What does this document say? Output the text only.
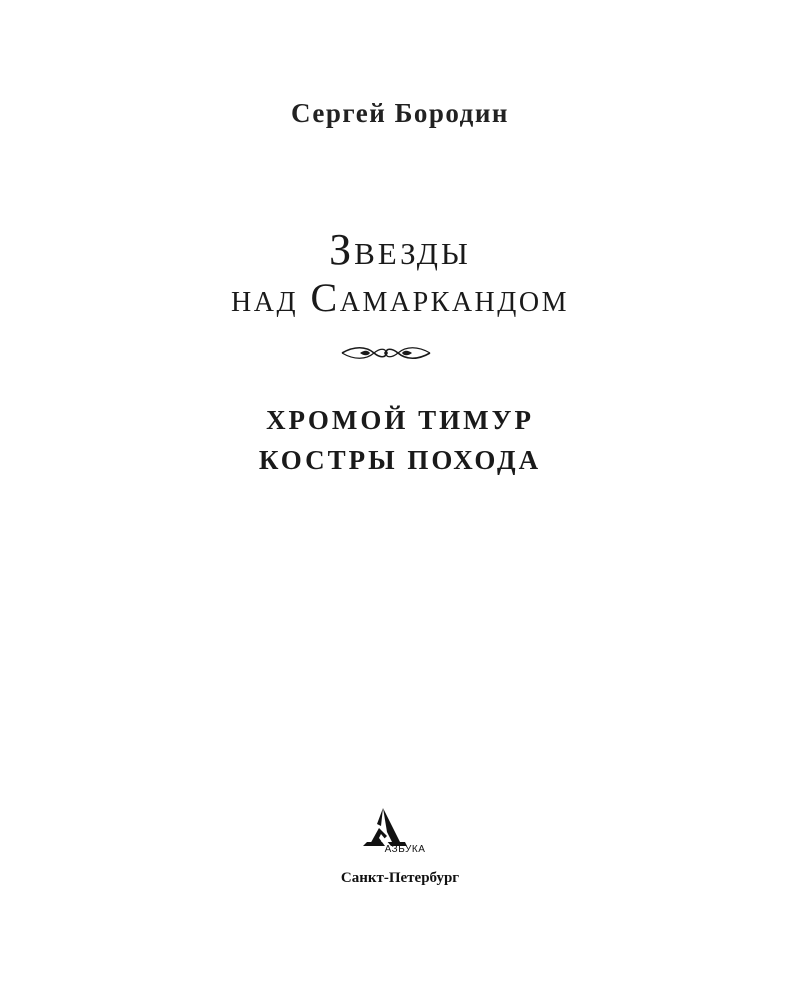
Сергей Бородин
Звезды
над Самаркандом
ХРОМОЙ ТИМУР
КОСТРЫ ПОХОДА
АЗБУКА
Санкт-Петербург
